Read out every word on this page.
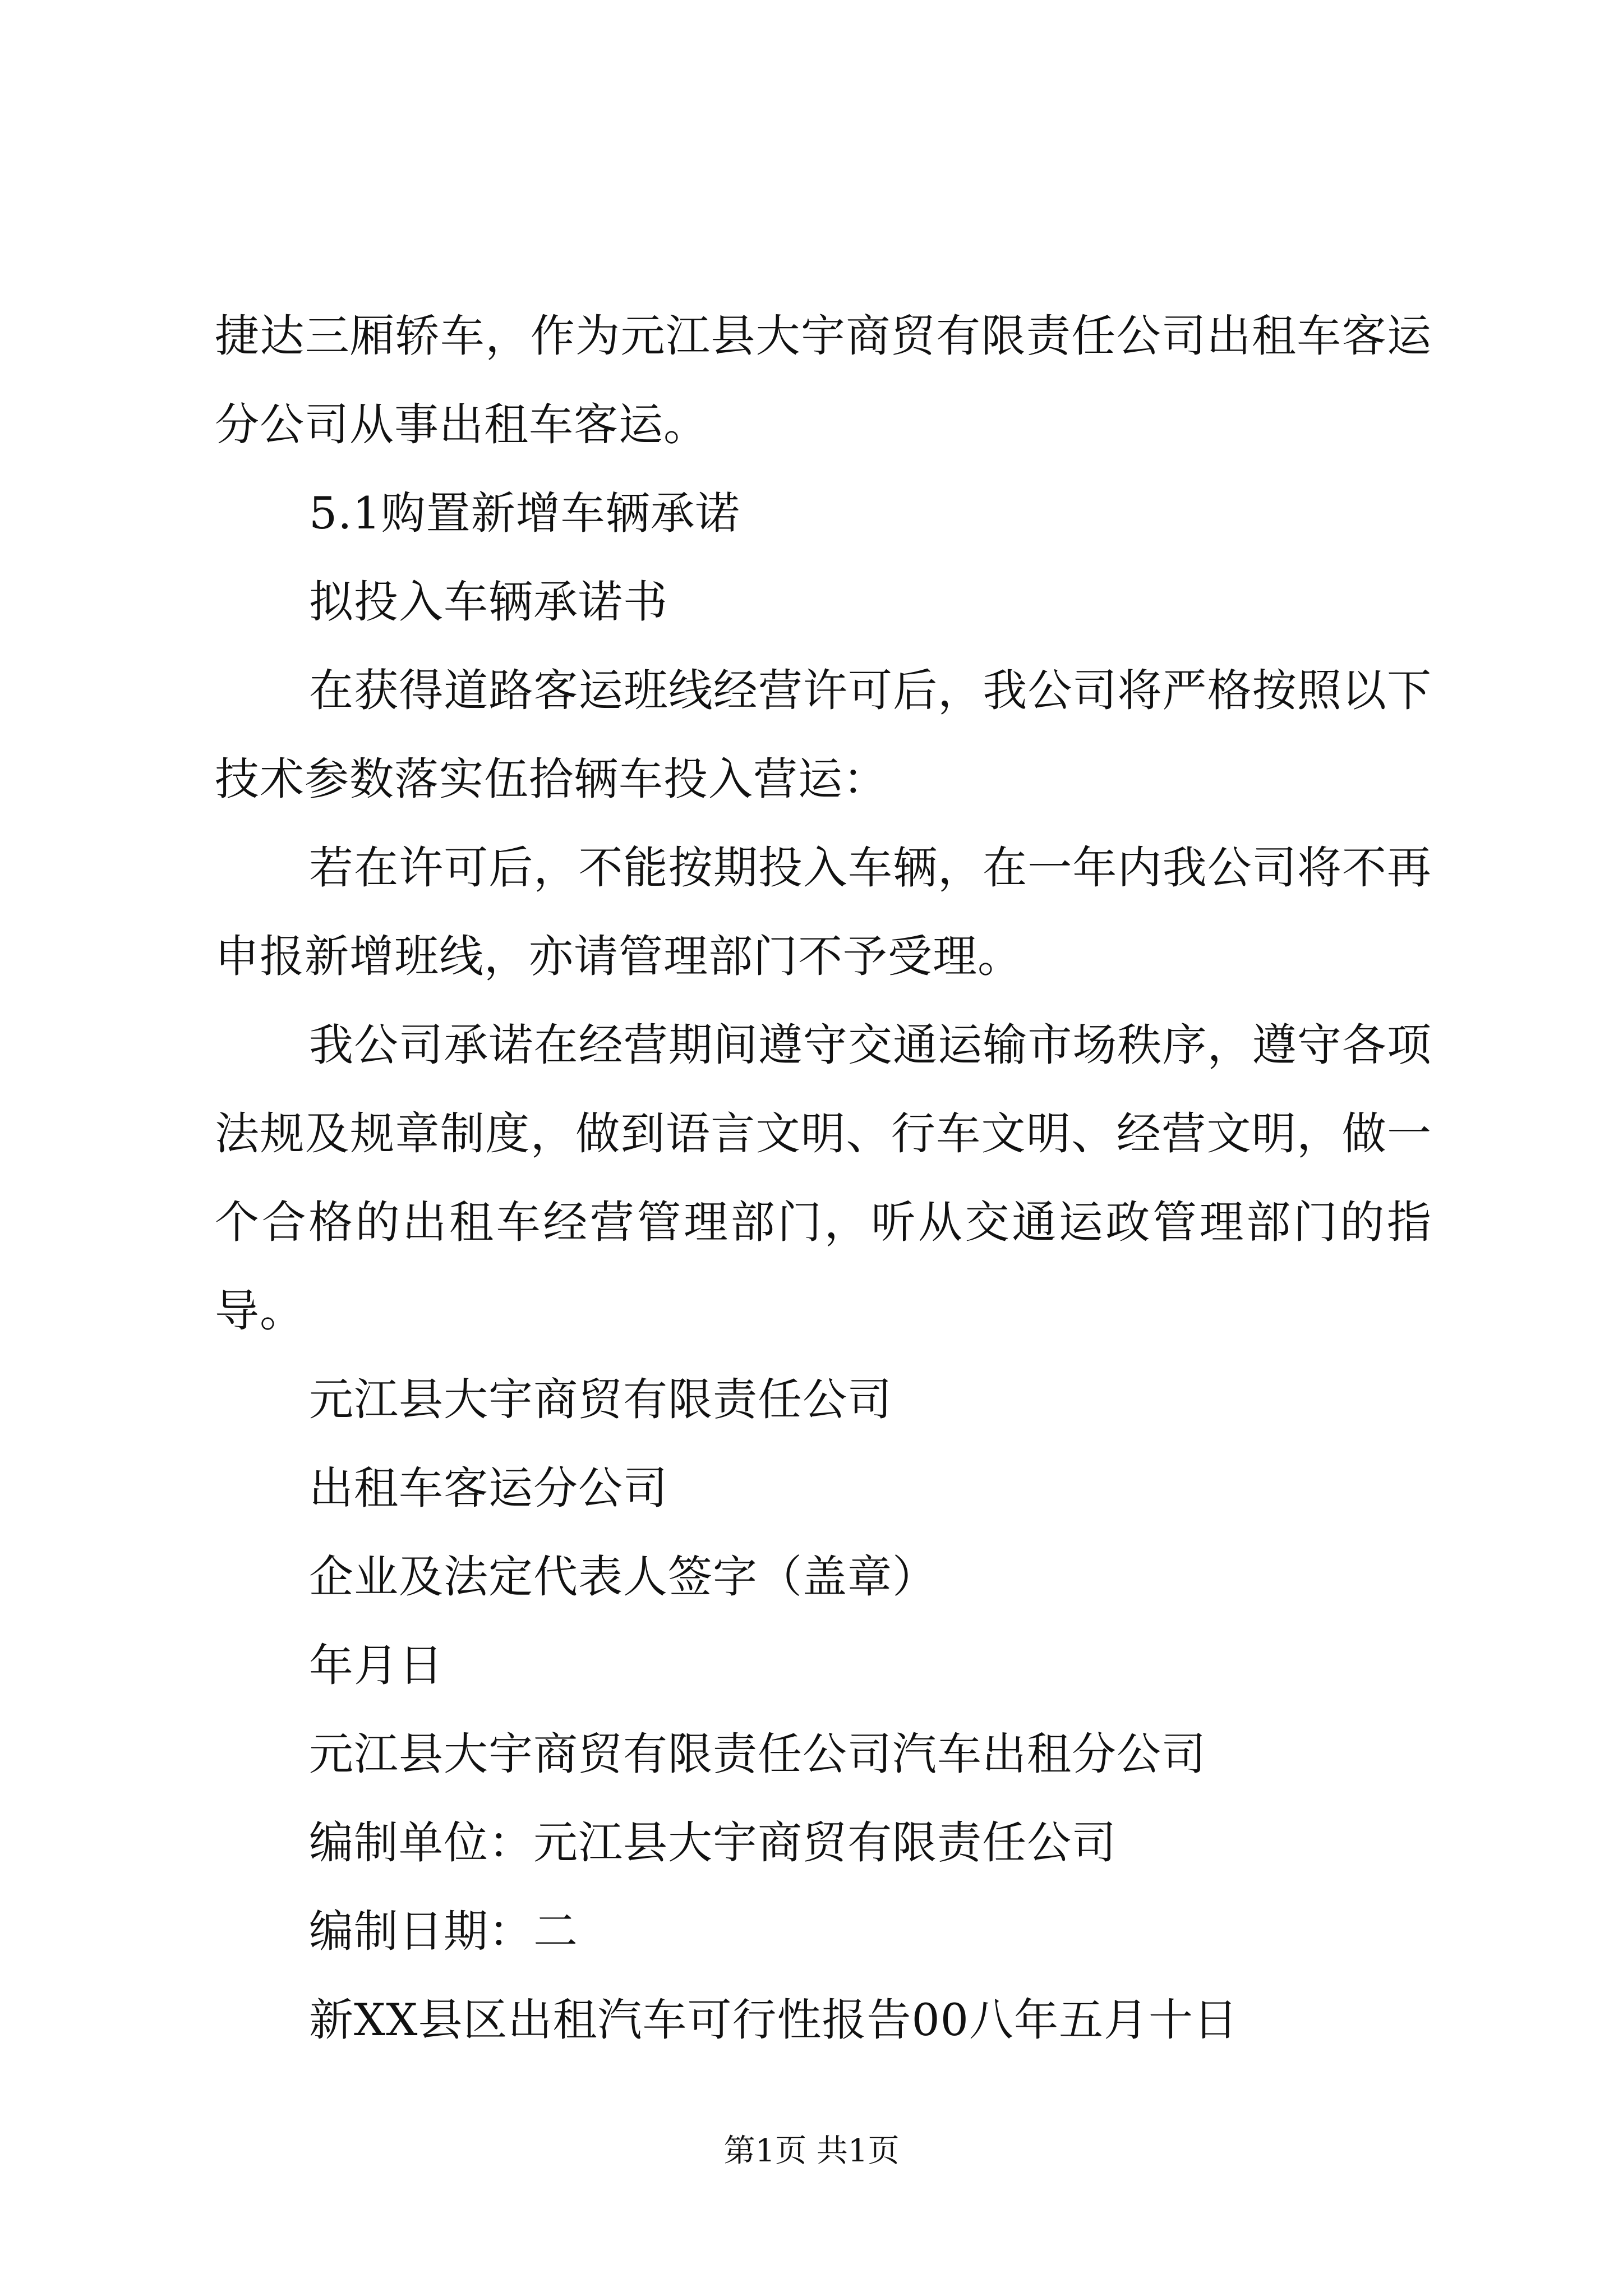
捷达三厢轿车，作为元江县大宇商贸有限责任公司出租车客运分公司从事出租车客运。

5.1购置新增车辆承诺

拟投入车辆承诺书

在获得道路客运班线经营许可后，我公司将严格按照以下技术参数落实伍拾辆车投入营运：

若在许可后，不能按期投入车辆，在一年内我公司将不再申报新增班线，亦请管理部门不予受理。

我公司承诺在经营期间遵守交通运输市场秩序，遵守各项法规及规章制度，做到语言文明、行车文明、经营文明，做一个合格的出租车经营管理部门，听从交通运政管理部门的指导。

元江县大宇商贸有限责任公司

出租车客运分公司

企业及法定代表人签字（盖章）

年月日

元江县大宇商贸有限责任公司汽车出租分公司

编制单位：元江县大宇商贸有限责任公司

编制日期：二

新XX县区出租汽车可行性报告00八年五月十日

第1页 共1页
